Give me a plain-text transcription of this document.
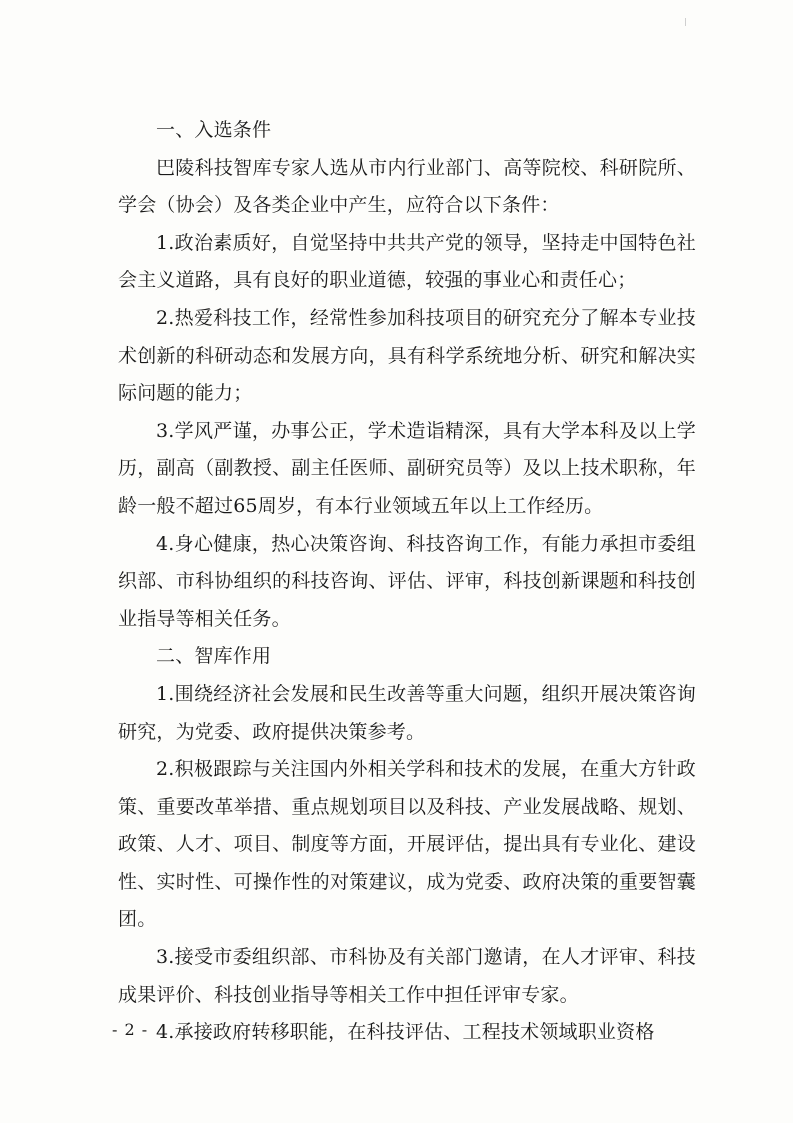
一、入选条件

巴陵科技智库专家人选从市内行业部门、高等院校、科研院所、学会（协会）及各类企业中产生，应符合以下条件：

1.政治素质好，自觉坚持中共共产党的领导，坚持走中国特色社会主义道路，具有良好的职业道德，较强的事业心和责任心；

2.热爱科技工作，经常性参加科技项目的研究充分了解本专业技术创新的科研动态和发展方向，具有科学系统地分析、研究和解决实际问题的能力；

3.学风严谨，办事公正，学术造诣精深，具有大学本科及以上学历，副高（副教授、副主任医师、副研究员等）及以上技术职称，年龄一般不超过65周岁，有本行业领域五年以上工作经历。

4.身心健康，热心决策咨询、科技咨询工作，有能力承担市委组织部、市科协组织的科技咨询、评估、评审，科技创新课题和科技创业指导等相关任务。

二、智库作用

1.围绕经济社会发展和民生改善等重大问题，组织开展决策咨询研究，为党委、政府提供决策参考。

2.积极跟踪与关注国内外相关学科和技术的发展，在重大方针政策、重要改革举措、重点规划项目以及科技、产业发展战略、规划、政策、人才、项目、制度等方面，开展评估，提出具有专业化、建设性、实时性、可操作性的对策建议，成为党委、政府决策的重要智囊团。

3.接受市委组织部、市科协及有关部门邀请，在人才评审、科技成果评价、科技创业指导等相关工作中担任评审专家。

4.承接政府转移职能，在科技评估、工程技术领域职业资格

- 2 -
